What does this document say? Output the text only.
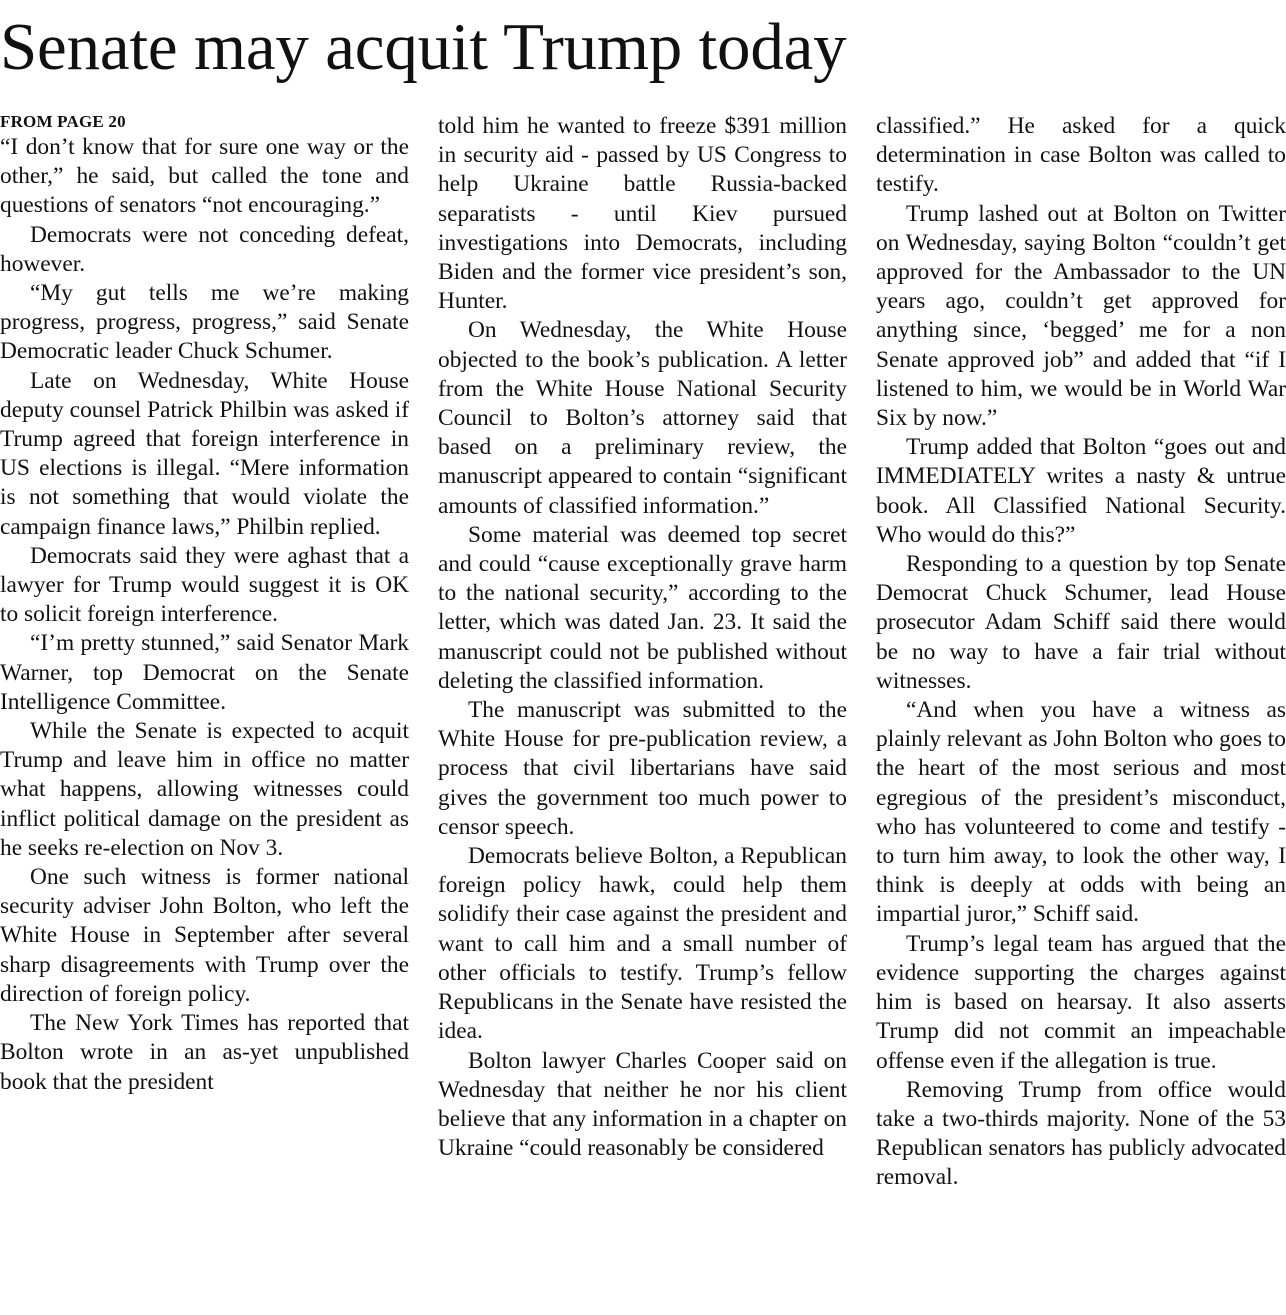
Senate may acquit Trump today
FROM PAGE 20

“I don’t know that for sure one way or the other,” he said, but called the tone and questions of senators “not encouraging.”

Democrats were not conceding defeat, however.

“My gut tells me we’re making progress, progress, progress,” said Senate Democratic leader Chuck Schumer.

Late on Wednesday, White House deputy counsel Patrick Philbin was asked if Trump agreed that foreign interference in US elections is illegal. “Mere information is not something that would violate the campaign finance laws,” Philbin replied.

Democrats said they were aghast that a lawyer for Trump would suggest it is OK to solicit foreign interference.

“I’m pretty stunned,” said Senator Mark Warner, top Democrat on the Senate Intelligence Committee.

While the Senate is expected to acquit Trump and leave him in office no matter what happens, allowing witnesses could inflict political damage on the president as he seeks re-election on Nov 3.

One such witness is former national security adviser John Bolton, who left the White House in September after several sharp disagreements with Trump over the direction of foreign policy.

The New York Times has reported that Bolton wrote in an as-yet unpublished book that the president

told him he wanted to freeze $391 million in security aid - passed by US Congress to help Ukraine battle Russia-backed separatists - until Kiev pursued investigations into Democrats, including Biden and the former vice president’s son, Hunter.

On Wednesday, the White House objected to the book’s publication. A letter from the White House National Security Council to Bolton’s attorney said that based on a preliminary review, the manuscript appeared to contain “significant amounts of classified information.”

Some material was deemed top secret and could “cause exceptionally grave harm to the national security,” according to the letter, which was dated Jan. 23. It said the manuscript could not be published without deleting the classified information.

The manuscript was submitted to the White House for pre-publication review, a process that civil libertarians have said gives the government too much power to censor speech.

Democrats believe Bolton, a Republican foreign policy hawk, could help them solidify their case against the president and want to call him and a small number of other officials to testify. Trump’s fellow Republicans in the Senate have resisted the idea.

Bolton lawyer Charles Cooper said on Wednesday that neither he nor his client believe that any information in a chapter on Ukraine “could reasonably be considered

classified.” He asked for a quick determination in case Bolton was called to testify.

Trump lashed out at Bolton on Twitter on Wednesday, saying Bolton “couldn’t get approved for the Ambassador to the UN years ago, couldn’t get approved for anything since, ‘begged’ me for a non Senate approved job” and added that “if I listened to him, we would be in World War Six by now.”

Trump added that Bolton “goes out and IMMEDIATELY writes a nasty & untrue book. All Classified National Security. Who would do this?”

Responding to a question by top Senate Democrat Chuck Schumer, lead House prosecutor Adam Schiff said there would be no way to have a fair trial without witnesses.

“And when you have a witness as plainly relevant as John Bolton who goes to the heart of the most serious and most egregious of the president’s misconduct, who has volunteered to come and testify - to turn him away, to look the other way, I think is deeply at odds with being an impartial juror,” Schiff said.

Trump’s legal team has argued that the evidence supporting the charges against him is based on hearsay. It also asserts Trump did not commit an impeachable offense even if the allegation is true.

Removing Trump from office would take a two-thirds majority. None of the 53 Republican senators has publicly advocated removal.
